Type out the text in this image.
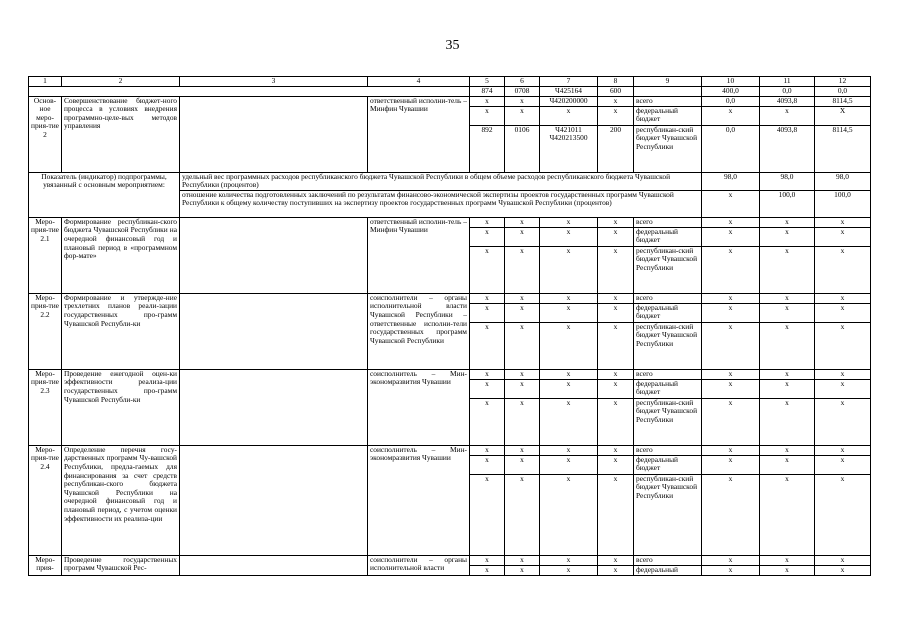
35
1	2	3	4	5	6	7	8	9	10	11	12
				874	0708	Ч425164	600		400,0	0,0	0,0
Основ-ное меро-прия-тие 2	Совершенствование бюджет-ного процесса в условиях внедрения программно-целе-вых методов управления		ответственный исполни-тель – Минфин Чувашии	х	х	Ч420200000	х	всего	0,0	4093,8	8114,5
				х	х	х	х	федеральный бюджет	х	х	Х
				892	0106	Ч421011 Ч420213500	200	республикан-ский бюджет Чувашской Республики	0,0	4093,8	8114,5
Показатель (индикатор) подпрограммы, увязанный с основным мероприятием:		удельный вес программных расходов республиканского бюджета Чувашской Республики в общем объеме расходов республиканского бюджета Чувашской Республики (процентов)							98,0	98,0	98,0
		отношение количества подготовленных заключений по результатам финансово-экономической экспертизы проектов государственных программ Чувашской Республики к общему количеству поступивших на экспертизу проектов государственных программ Чувашской Республики (процентов)							х	100,0	100,0
Меро-прия-тие 2.1	Формирование республикан-ского бюджета Чувашской Республики на очередной финансовый год и плановый период в «программном фор-мате»		ответственный исполни-тель – Минфин Чувашии	х	х	х	х	всего	х	х	х
				х	х	х	х	федеральный бюджет	х	х	х
				х	х	х	х	республикан-ский бюджет Чувашской Республики	х	х	х
Меро-прия-тие 2.2	Формирование и утвержде-ние трехлетних планов реали-зации государственных про-грамм Чувашской Республи-ки		соисполнители – органы исполнительной власти Чувашской Республики – ответственные исполни-тели государственных программ Чувашской Республики	х	х	х	х	всего	х	х	х
				х	х	х	х	федеральный бюджет	х	х	х
				х	х	х	х	республикан-ский бюджет Чувашской Республики	х	х	х
Меро-прия-тие 2.3	Проведение ежегодной оцен-ки эффективности реализа-ции государственных про-грамм Чувашской Республи-ки		соисполнитель – Мин-экономразвития Чувашии	х	х	х	х	всего	х	х	х
				х	х	х	х	федеральный бюджет	х	х	х
				х	х	х	х	республикан-ский бюджет Чувашской Республики	х	х	х
Меро-прия-тие 2.4	Определение перечня госу-дарственных программ Чу-вашской Республики, предла-гаемых для финансирования за счет средств республикан-ского бюджета Чувашской Республики на очередной финансовый год и плановый период, с учетом оценки эффективности их реализа-ции		соисполнитель – Мин-экономразвития Чувашии	х	х	х	х	всего	х	х	х
				х	х	х	х	федеральный бюджет	х	х	х
				х	х	х	х	республикан-ский бюджет Чувашской Республики	х	х	х
Меро-прия-	Проведение государственных программ Чувашской Рес-		соисполнители – органы исполнительной власти	х	х	х	х	всего	х	х	х
				х	х	х	х	федеральный	х	х	х
